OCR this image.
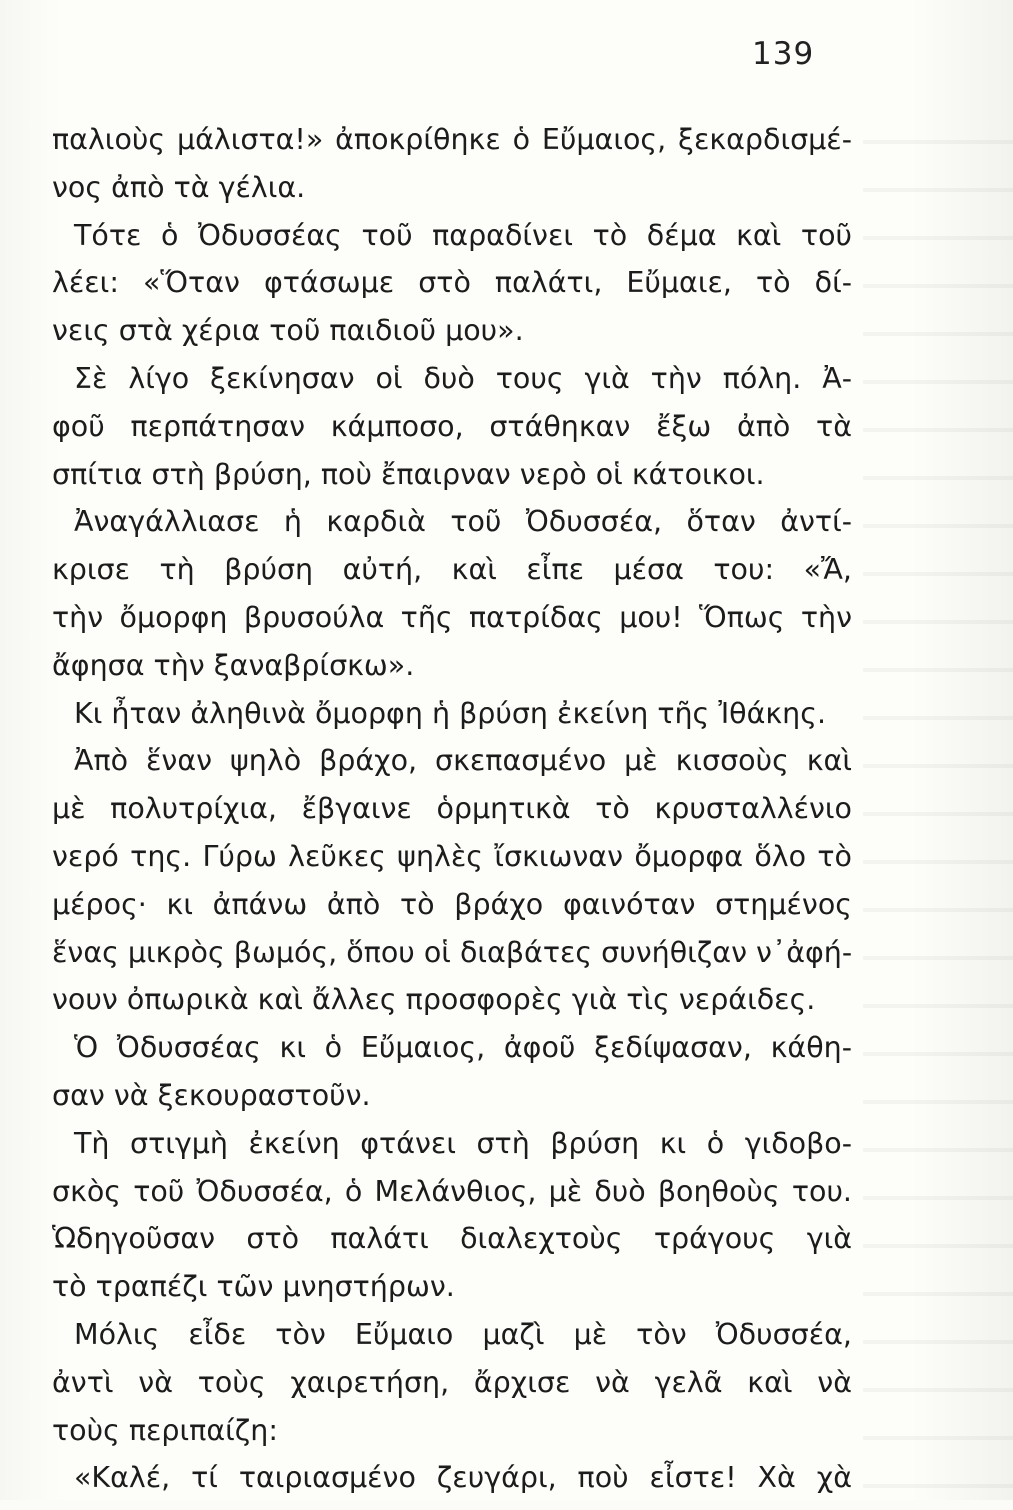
139
παλιοὺς μάλιστα!» ἀποκρίθηκε ὁ Εὔμαιος, ξεκαρδισμέ-
νος ἀπὸ τὰ γέλια.
Τότε ὁ Ὀδυσσέας τοῦ παραδίνει τὸ δέμα καὶ τοῦ
λέει: «Ὅταν φτάσωμε στὸ παλάτι, Εὔμαιε, τὸ δί-
νεις στὰ χέρια τοῦ παιδιοῦ μου».
Σὲ λίγο ξεκίνησαν οἱ δυὸ τους γιὰ τὴν πόλη. Ἀ-
φοῦ περπάτησαν κάμποσο, στάθηκαν ἔξω ἀπὸ τὰ
σπίτια στὴ βρύση, ποὺ ἔπαιρναν νερὸ οἱ κάτοικοι.
Ἀναγάλλιασε ἡ καρδιὰ τοῦ Ὀδυσσέα, ὅταν ἀντί-
κρισε τὴ βρύση αὐτή, καὶ εἶπε μέσα του: «Ἄ,
τὴν ὄμορφη βρυσούλα τῆς πατρίδας μου! Ὅπως τὴν
ἄφησα τὴν ξαναβρίσκω».
Κι ἦταν ἀληθινὰ ὄμορφη ἡ βρύση ἐκείνη τῆς Ἰθάκης.
Ἀπὸ ἕναν ψηλὸ βράχο, σκεπασμένο μὲ κισσοὺς καὶ
μὲ πολυτρίχια, ἔβγαινε ὁρμητικὰ τὸ κρυσταλλένιο
νερό της. Γύρω λεῦκες ψηλὲς ἴσκιωναν ὄμορφα ὅλο τὸ
μέρος· κι ἀπάνω ἀπὸ τὸ βράχο φαινόταν στημένος
ἕνας μικρὸς βωμός, ὅπου οἱ διαβάτες συνήθιζαν ν᾿ἀφή-
νουν ὀπωρικὰ καὶ ἄλλες προσφορὲς γιὰ τὶς νεράιδες.
Ὁ Ὀδυσσέας κι ὁ Εὔμαιος, ἀφοῦ ξεδίψασαν, κάθη-
σαν νὰ ξεκουραστοῦν.
Τὴ στιγμὴ ἐκείνη φτάνει στὴ βρύση κι ὁ γιδοβο-
σκὸς τοῦ Ὀδυσσέα, ὁ Μελάνθιος, μὲ δυὸ βοηθοὺς του.
Ὡδηγοῦσαν στὸ παλάτι διαλεχτοὺς τράγους γιὰ
τὸ τραπέζι τῶν μνηστήρων.
Μόλις εἶδε τὸν Εὔμαιο μαζὶ μὲ τὸν Ὀδυσσέα,
ἀντὶ νὰ τοὺς χαιρετήση, ἄρχισε νὰ γελᾶ καὶ νὰ
τοὺς περιπαίζη:
«Καλέ, τί ταιριασμένο ζευγάρι, ποὺ εἶστε! Χὰ χὰ
